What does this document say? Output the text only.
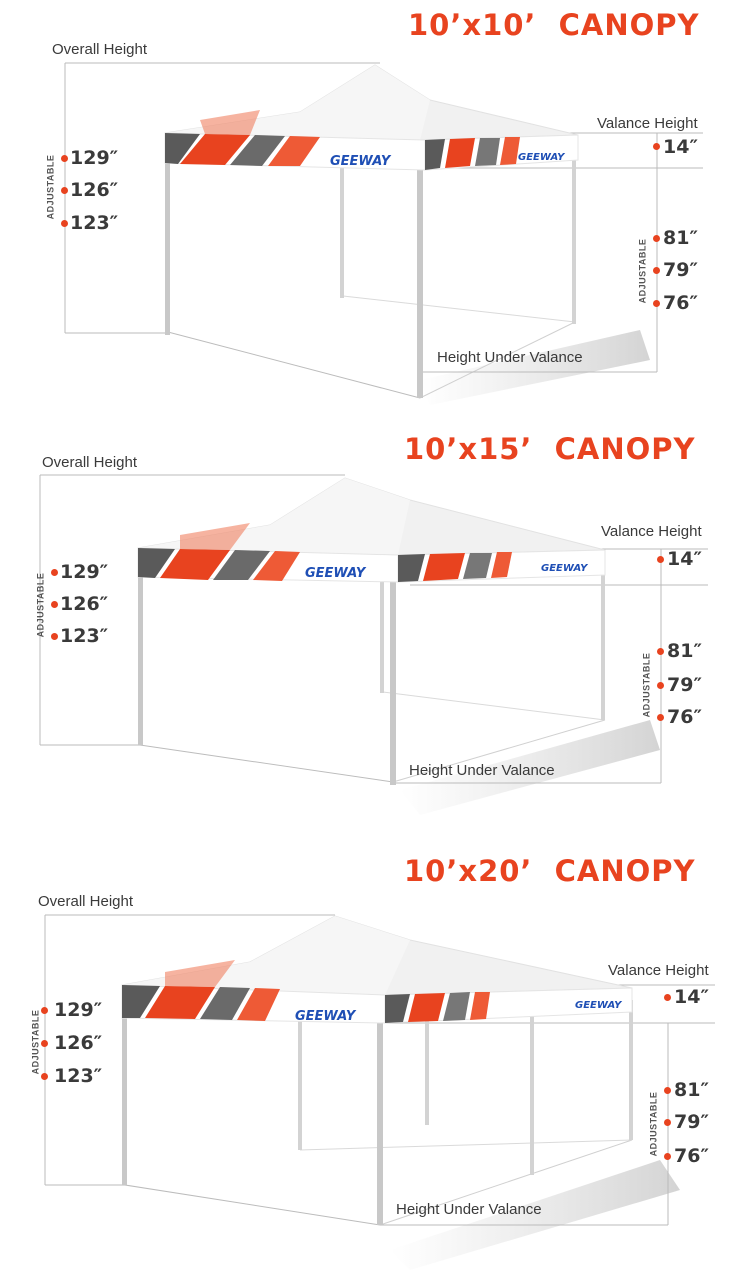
GEEWAY	GEEWAY
10’x10’  CANOPY
Overall Height
Valance Height
Height Under Valance
ADJUSTABLE 129″
126″
123″
14″
ADJUSTABLE
81″
79″
76″
GEEWAY	GEEWAY
10’x15’  CANOPY
Overall Height
Valance Height
Height Under Valance
ADJUSTABLE
129″
126″
123″
14″
ADJUSTABLE
81″
79″
76″
GEEWAY
GEEWAY
10’x20’  CANOPY
Overall Height
Valance Height
Height Under Valance
ADJUSTABLE 129″
126″
123″
14″
ADJUSTABLE
81″
79″
76″
